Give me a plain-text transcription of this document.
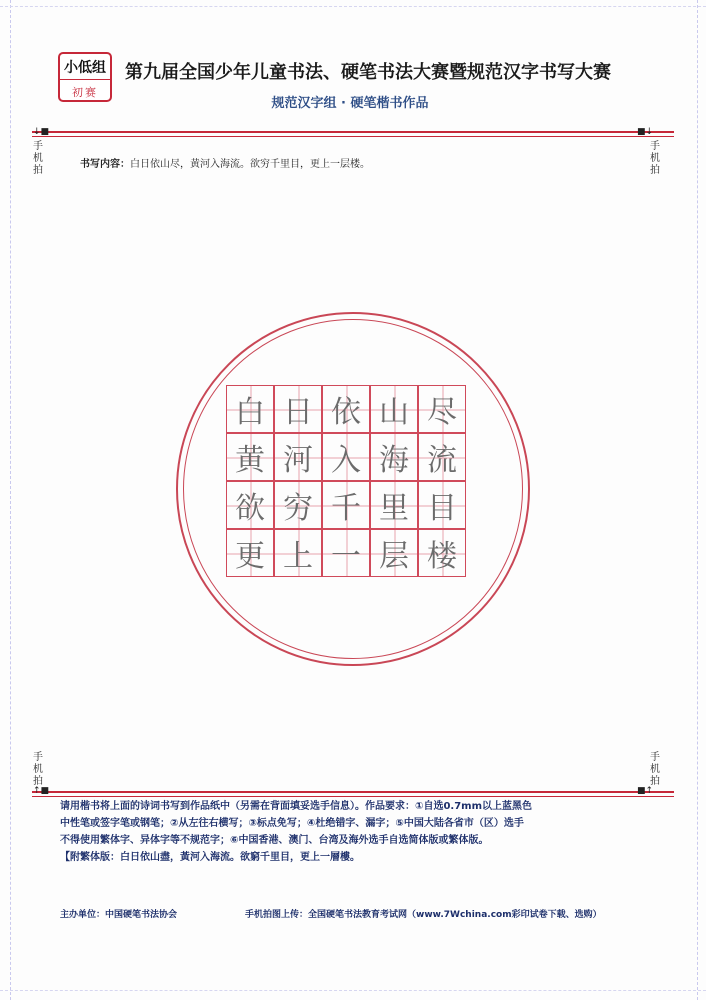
小低组
初赛
第九届全国少年儿童书法、硬笔书法大赛暨规范汉字书写大赛
规范汉字组 · 硬笔楷书作品
↓■	■↓
↑■	■↑
手机拍
手机拍
手机拍
手机拍
书写内容：白日依山尽，黄河入海流。欲穷千里目，更上一层楼。
白 日 依 山 尽
黄 河 入 海 流
欲 穷 千 里 目
更 上 一 层 楼

请用楷书将上面的诗词书写到作品纸中（另需在背面填妥选手信息）。作品要求：①自选0.7mm以上蓝黑色

中性笔或签字笔或钢笔；②从左往右横写；③标点免写；④杜绝错字、漏字；⑤中国大陆各省市（区）选手

不得使用繁体字、异体字等不规范字；⑥中国香港、澳门、台湾及海外选手自选简体版或繁体版。

【附繁体版：白日依山盡，黃河入海流。欲窮千里目，更上一層樓。

主办单位：中国硬笔书法协会	手机拍图上传：全国硬笔书法教育考试网（www.7Wchina.com彩印试卷下载、选购）
